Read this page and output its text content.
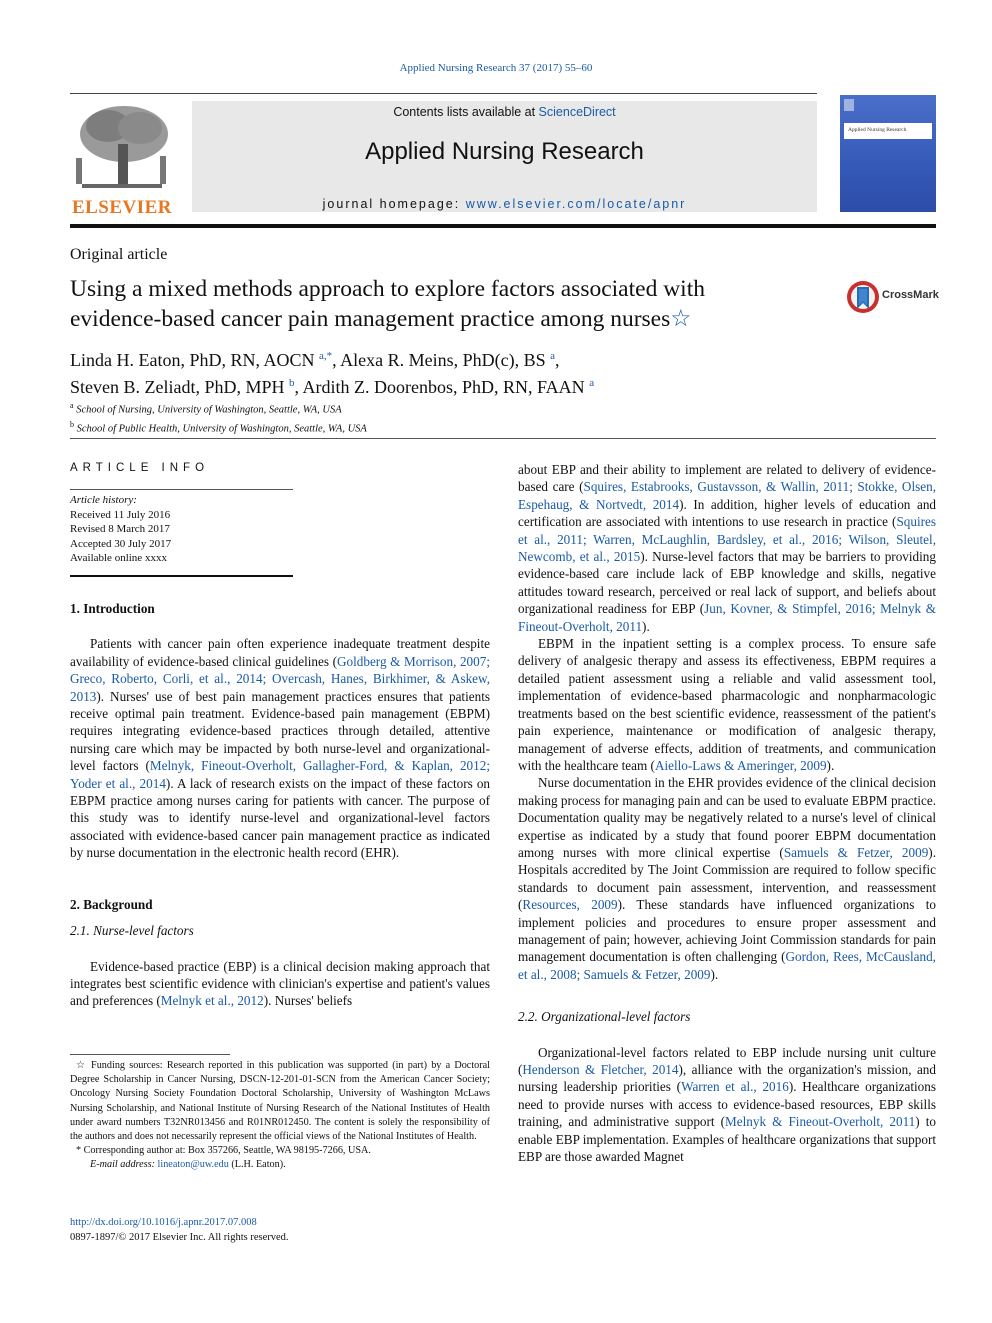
Applied Nursing Research 37 (2017) 55–60
ELSEVIER
Contents lists available at ScienceDirect
Applied Nursing Research
journal homepage: www.elsevier.com/locate/apnr
Applied Nursing Research
Original article
Using a mixed methods approach to explore factors associated with
evidence-based cancer pain management practice among nurses☆
CrossMark
Linda H. Eaton, PhD, RN, AOCN $^{a,*}$, Alexa R. Meins, PhD(c), BS $^a$,
Steven B. Zeliadt, PhD, MPH $^b$, Ardith Z. Doorenbos, PhD, RN, FAAN $^a$
$^a$ School of Nursing, University of Washington, Seattle, WA, USA
$^b$ School of Public Health, University of Washington, Seattle, WA, USA
ARTICLE INFO
Article history:
Received 11 July 2016
Revised 8 March 2017
Accepted 30 July 2017
Available online xxxx
1. Introduction

Patients with cancer pain often experience inadequate treatment despite availability of evidence-based clinical guidelines (Goldberg & Morrison, 2007; Greco, Roberto, Corli, et al., 2014; Overcash, Hanes, Birkhimer, & Askew, 2013). Nurses' use of best pain management practices ensures that patients receive optimal pain treatment. Evidence-based pain management (EBPM) requires integrating evidence-based practices through detailed, attentive nursing care which may be impacted by both nurse-level and organizational-level factors (Melnyk, Fineout-Overholt, Gallagher-Ford, & Kaplan, 2012; Yoder et al., 2014). A lack of research exists on the impact of these factors on EBPM practice among nurses caring for patients with cancer. The purpose of this study was to identify nurse-level and organizational-level factors associated with evidence-based cancer pain management practice as indicated by nurse documentation in the electronic health record (EHR).

2. Background
2.1. Nurse-level factors

Evidence-based practice (EBP) is a clinical decision making approach that integrates best scientific evidence with clinician's expertise and patient's values and preferences (Melnyk et al., 2012). Nurses' beliefs

☆ Funding sources: Research reported in this publication was supported (in part) by a Doctoral Degree Scholarship in Cancer Nursing, DSCN-12-201-01-SCN from the American Cancer Society; Oncology Nursing Society Foundation Doctoral Scholarship, University of Washington McLaws Nursing Scholarship, and National Institute of Nursing Research of the National Institutes of Health under award numbers T32NR013456 and R01NR012450. The content is solely the responsibility of the authors and does not necessarily represent the official views of the National Institutes of Health.
* Corresponding author at: Box 357266, Seattle, WA 98195-7266, USA.
E-mail address: lineaton@uw.edu (L.H. Eaton).
http://dx.doi.org/10.1016/j.apnr.2017.07.008
0897-1897/© 2017 Elsevier Inc. All rights reserved.

about EBP and their ability to implement are related to delivery of evidence-based care (Squires, Estabrooks, Gustavsson, & Wallin, 2011; Stokke, Olsen, Espehaug, & Nortvedt, 2014). In addition, higher levels of education and certification are associated with intentions to use research in practice (Squires et al., 2011; Warren, McLaughlin, Bardsley, et al., 2016; Wilson, Sleutel, Newcomb, et al., 2015). Nurse-level factors that may be barriers to providing evidence-based care include lack of EBP knowledge and skills, negative attitudes toward research, perceived or real lack of support, and beliefs about organizational readiness for EBP (Jun, Kovner, & Stimpfel, 2016; Melnyk & Fineout-Overholt, 2011).

EBPM in the inpatient setting is a complex process. To ensure safe delivery of analgesic therapy and assess its effectiveness, EBPM requires a detailed patient assessment using a reliable and valid assessment tool, implementation of evidence-based pharmacologic and nonpharmacologic treatments based on the best scientific evidence, reassessment of the patient's pain experience, maintenance or modification of analgesic therapy, management of adverse effects, addition of treatments, and communication with the healthcare team (Aiello-Laws & Ameringer, 2009).

Nurse documentation in the EHR provides evidence of the clinical decision making process for managing pain and can be used to evaluate EBPM practice. Documentation quality may be negatively related to a nurse's level of clinical expertise as indicated by a study that found poorer EBPM documentation among nurses with more clinical expertise (Samuels & Fetzer, 2009). Hospitals accredited by The Joint Commission are required to follow specific standards to document pain assessment, intervention, and reassessment (Resources, 2009). These standards have influenced organizations to implement policies and procedures to ensure proper assessment and management of pain; however, achieving Joint Commission standards for pain management documentation is often challenging (Gordon, Rees, McCausland, et al., 2008; Samuels & Fetzer, 2009).

2.2. Organizational-level factors

Organizational-level factors related to EBP include nursing unit culture (Henderson & Fletcher, 2014), alliance with the organization's mission, and nursing leadership priorities (Warren et al., 2016). Healthcare organizations need to provide nurses with access to evidence-based resources, EBP skills training, and administrative support (Melnyk & Fineout-Overholt, 2011) to enable EBP implementation. Examples of healthcare organizations that support EBP are those awarded Magnet
